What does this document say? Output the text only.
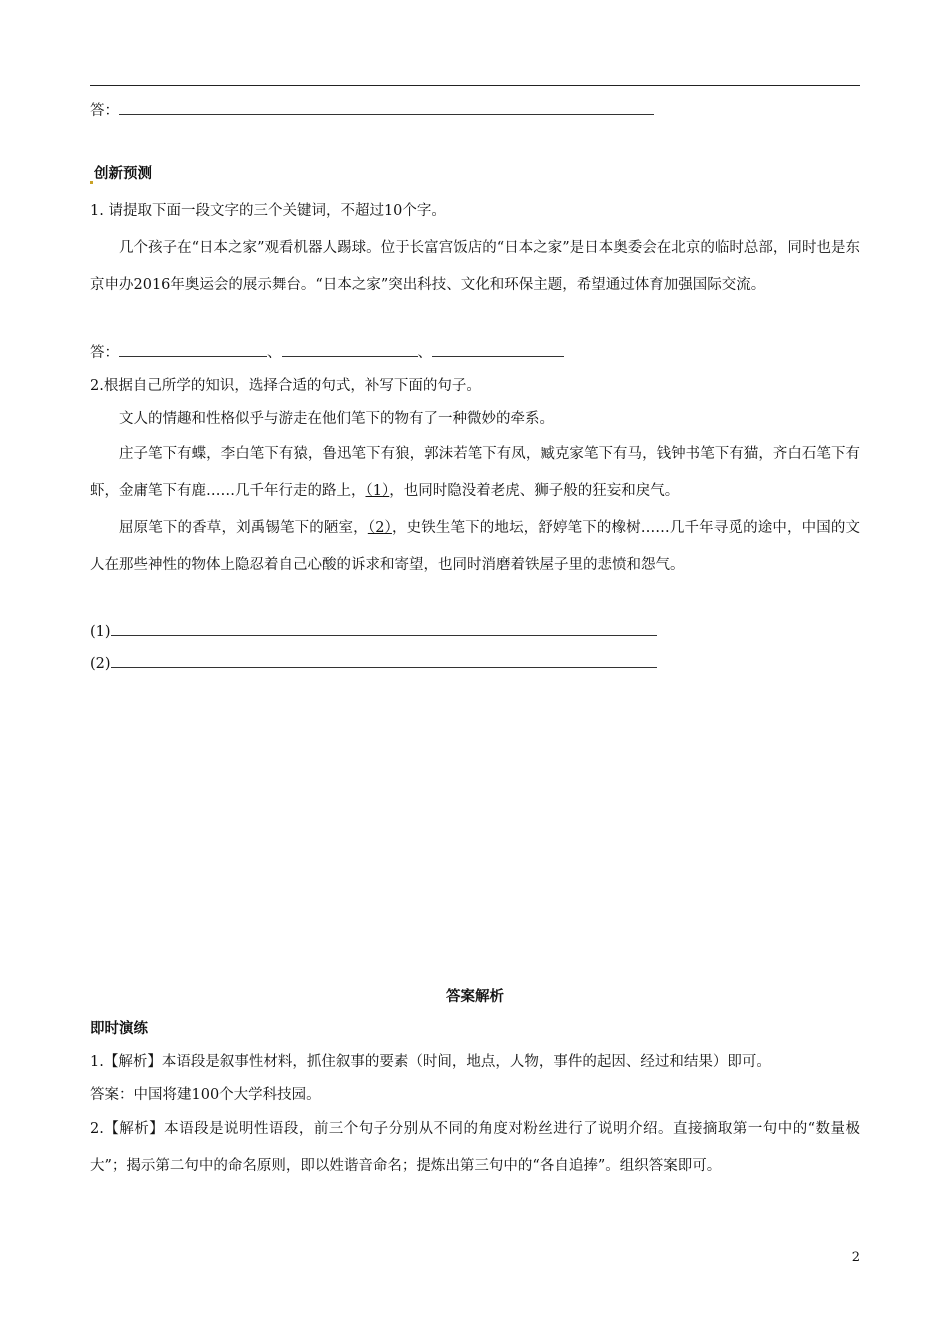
答：
创新预测
1. 请提取下面一段文字的三个关键词，不超过10个字。
几个孩子在“日本之家”观看机器人踢球。位于长富宫饭店的“日本之家”是日本奥委会在北京的临时总部，同时也是东京申办2016年奥运会的展示舞台。“日本之家”突出科技、文化和环保主题，希望通过体育加强国际交流。
答：	、	、
2.根据自己所学的知识，选择合适的句式，补写下面的句子。
文人的情趣和性格似乎与游走在他们笔下的物有了一种微妙的牵系。
庄子笔下有蝶，李白笔下有猿，鲁迅笔下有狼，郭沫若笔下有凤，臧克家笔下有马，钱钟书笔下有猫，齐白石笔下有虾，金庸笔下有鹿……几千年行走的路上，（1），也同时隐没着老虎、狮子般的狂妄和戾气。
屈原笔下的香草，刘禹锡笔下的陋室，（2），史铁生笔下的地坛，舒婷笔下的橡树……几千年寻觅的途中，中国的文人在那些神性的物体上隐忍着自己心酸的诉求和寄望，也同时消磨着铁屋子里的悲愤和怨气。
(1)
(2)
答案解析
即时演练
1.【解析】本语段是叙事性材料，抓住叙事的要素（时间，地点，人物，事件的起因、经过和结果）即可。
答案：中国将建100个大学科技园。
2.【解析】本语段是说明性语段，前三个句子分别从不同的角度对粉丝进行了说明介绍。直接摘取第一句中的“数量极大”；揭示第二句中的命名原则，即以姓谐音命名；提炼出第三句中的“各自追捧”。组织答案即可。
2
